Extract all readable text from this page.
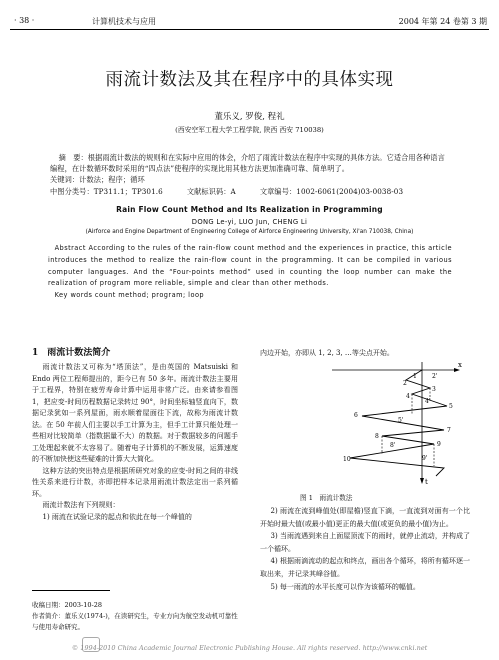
· 38 ·	计算机技术与应用	2004 年第 24 卷第 3 期
雨流计数法及其在程序中的具体实现
董乐义, 罗俊, 程礼
(西安空军工程大学工程学院, 陕西 西安 710038)
摘　要：根据雨流计数法的规则和在实际中应用的体会，介绍了雨流计数法在程序中实现的具体方法。它适合用各种语言编程，在计数循环数时采用的“四点法”使程序的实现比用其他方法更加准确可靠、简单明了。
关键词：计数法；程序；循环
中图分类号：TP311.1；TP301.6	文献标识码：A	文章编号：1002-6061(2004)03-0038-03
Rain Flow Count Method and Its Realization in Programming
DONG Le-yi, LUO Jun, CHENG Li
(Airforce and Engine Department of Engineering College of Airforce Engineering University, Xi'an 710038, China)
Abstract According to the rules of the rain-flow count method and the experiences in practice, this article introduces the method to realize the rain-flow count in the programming. It can be compiled in various computer languages. And the “Four-points method” used in counting the loop number can make the realization of program more reliable, simple and clear than other methods.
Key words count method; program; loop
1　雨流计数法简介

雨流计数法又可称为“塔顶法”，是由英国的 Matsuiski 和 Endo 两位工程师提出的，距今已有 50 多年。雨流计数法主要用于工程界，特别在疲劳寿命计算中运用非常广泛。由来请参看图 1，把应变-时间历程数据记录转过 90°，时间坐标轴竖直向下，数据记录犹如一系列屋面，雨水顺着屋面往下流，故称为雨流计数法。在 50 年前人们主要以手工计算为主，但手工计算只能处理一些相对比较简单（指数据量不大）的数据。对于数据较多的问题手工处理起来就不太容易了。随着电子计算机的不断发展，运算速度的不断加快使这些疑难的计算大大简化。

这种方法的突出特点是根据所研究对象的应变-时间之间的非线性关系来进行计数，亦即把样本记录用雨流计数法定出一系列循环。

雨流计数法有下列规则：

1) 雨流在试验记录的起点和依此在每一个峰值的

收稿日期：2003-10-28
作者简介：董乐义(1974-)，在读研究生，专业方向为航空发动机可靠性与使用寿命研究。
内边开始，亦即从 1, 2, 3, …等尖点开始。
x
t
1	2'
2
3
4
4'
5
6
5'
7
8
8'	9
9'
10
图 1　雨流计数法

2) 雨流在流到峰值处(即屋檐)竖直下滴，一直流到对面有一个比开始时最大值(或最小值)更正的最大值(或更负的最小值)为止。

3) 当雨流遇到来自上面屋顶流下的雨时，就停止流动，并构成了一个循环。

4) 根据雨滴流动的起点和终点，画出各个循环，将所有循环逐一取出来，并记录其峰谷值。

5) 每一雨流的水平长度可以作为该循环的幅值。

© 1994-2010 China Academic Journal Electronic Publishing House. All rights reserved. http://www.cnki.net
